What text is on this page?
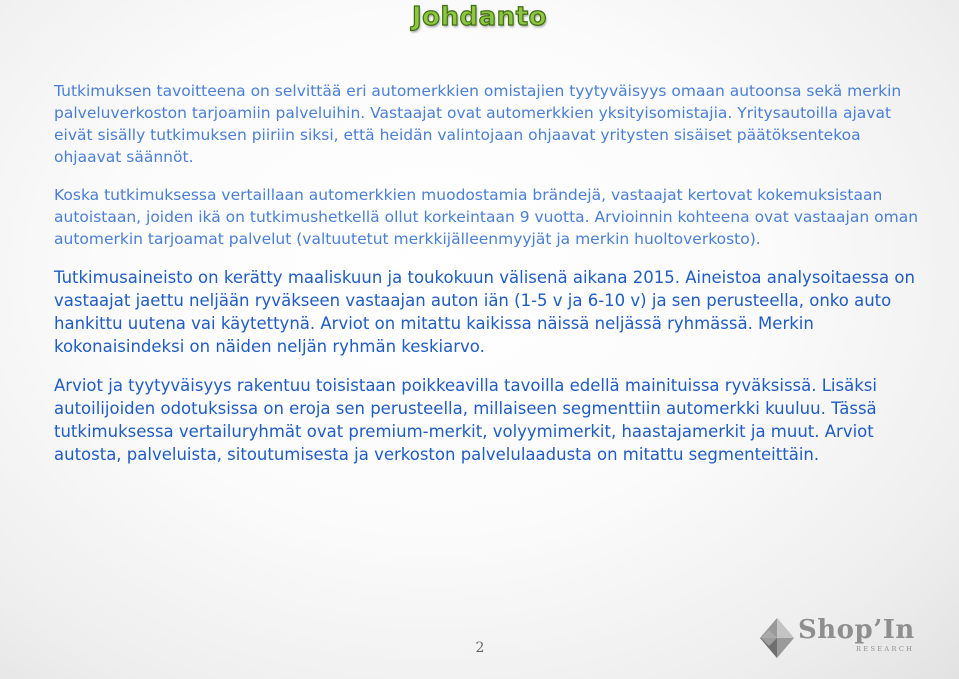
Johdanto

Tutkimuksen tavoitteena on selvittää eri automerkkien omistajien tyytyväisyys omaan autoonsa sekä merkin palveluverkoston tarjoamiin palveluihin. Vastaajat ovat automerkkien yksityisomistajia. Yritysautoilla ajavat eivät sisälly tutkimuksen piiriin siksi, että heidän valintojaan ohjaavat yritysten sisäiset päätöksentekoa ohjaavat säännöt.

Koska tutkimuksessa vertaillaan automerkkien muodostamia brändejä, vastaajat kertovat kokemuksistaan autoistaan, joiden ikä on tutkimushetkellä ollut korkeintaan 9 vuotta. Arvioinnin kohteena ovat vastaajan oman automerkin tarjoamat palvelut (valtuutetut merkkijälleenmyyjät ja merkin huoltoverkosto).

Tutkimusaineisto on kerätty maaliskuun ja toukokuun välisenä aikana 2015. Aineistoa analysoitaessa on vastaajat jaettu neljään ryväkseen vastaajan auton iän (1-5 v ja 6-10 v) ja sen perusteella, onko auto hankittu uutena vai käytettynä. Arviot on mitattu kaikissa näissä neljässä ryhmässä. Merkin kokonaisindeksi on näiden neljän ryhmän keskiarvo.

Arviot ja tyytyväisyys rakentuu toisistaan poikkeavilla tavoilla edellä mainituissa ryväksissä. Lisäksi autoilijoiden odotuksissa on eroja sen perusteella, millaiseen segmenttiin automerkki kuuluu. Tässä tutkimuksessa vertailuryhmät ovat premium-merkit, volyymimerkit, haastajamerkit ja muut. Arviot autosta, palveluista, sitoutumisesta ja verkoston palvelulaadusta on mitattu segmenteittäin.

2
Shop’In
RESEARCH
